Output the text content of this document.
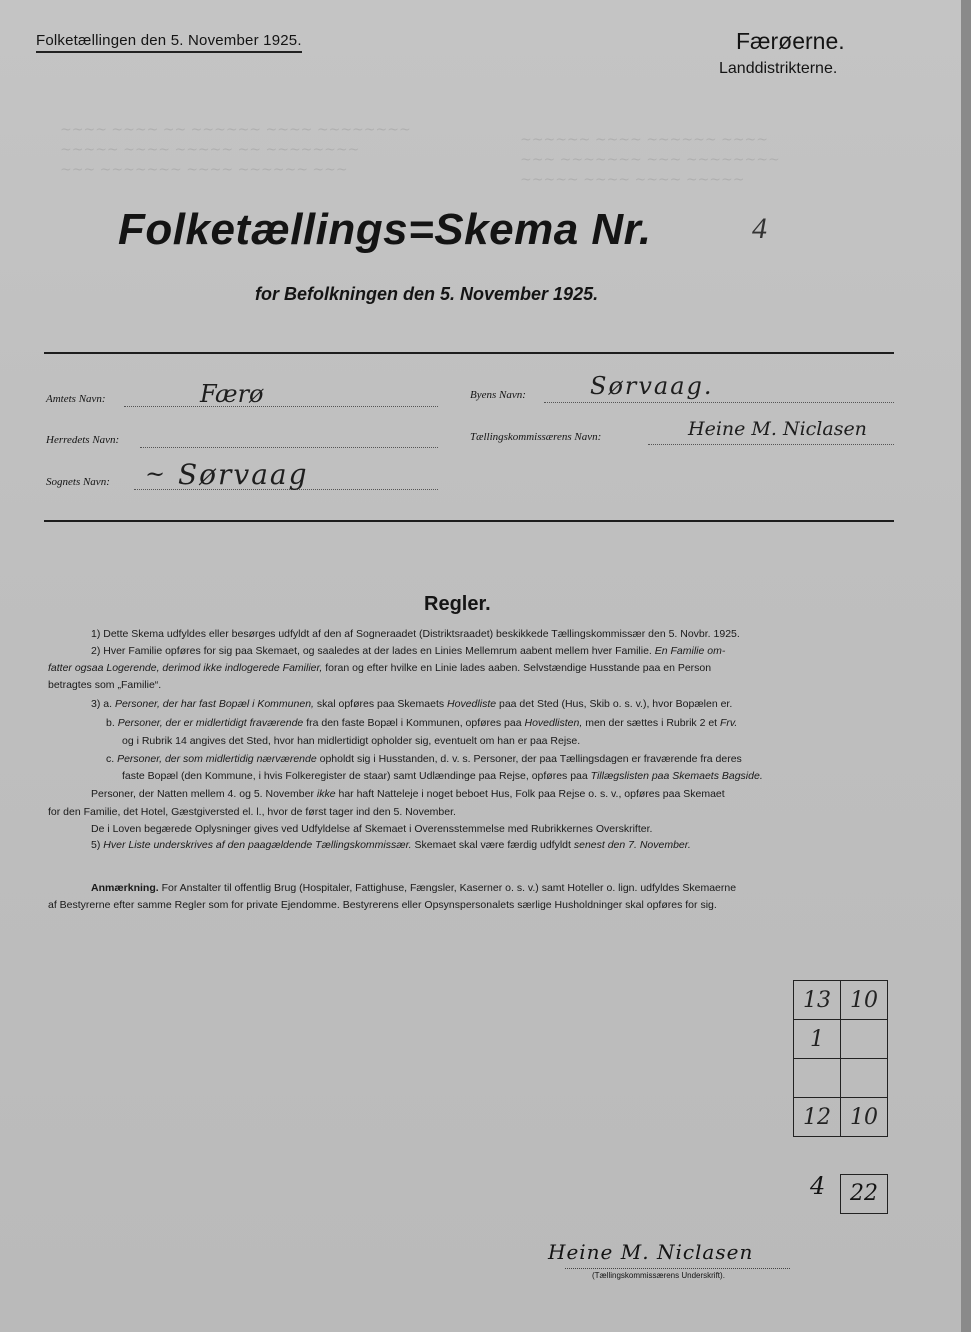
~~~~ ~~~~ ~~ ~~~~~~ ~~~~ ~~~~~~~~
~~~~~ ~~~~ ~~~~~ ~~ ~~~~~~~~
~~~ ~~~~~~~ ~~~~ ~~~~~~ ~~~
~~~~~~ ~~~~ ~~~~~~ ~~~~
~~~ ~~~~~~~ ~~~ ~~~~~~~~
~~~~~ ~~~~ ~~~~ ~~~~~
Folketællingen den 5. November 1925.	Færøerne.
Landdistrikterne.
Folketællings=Skema Nr.	4
for Befolkningen den 5. November 1925.
Amtets Navn:	Færø
Herredets Navn:
Sognets Navn: ~ Sørvaag
Byens Navn:	Sørvaag.
Tællingskommissærens Navn:	Heine M. Niclasen
Regler.
1) Dette Skema udfyldes eller besørges udfyldt af den af Sogneraadet (Distriktsraadet) beskikkede Tællingskommissær den 5. Novbr. 1925.
2) Hver Familie opføres for sig paa Skemaet, og saaledes at der lades en Linies Mellemrum aabent mellem hver Familie. En Familie om-
fatter ogsaa Logerende, derimod ikke indlogerede Familier, foran og efter hvilke en Linie lades aaben. Selvstændige Husstande paa en Person
betragtes som „Familie“.
3) a. Personer, der har fast Bopæl i Kommunen, skal opføres paa Skemaets Hovedliste paa det Sted (Hus, Skib o. s. v.), hvor Bopælen er.
b. Personer, der er midlertidigt fraværende fra den faste Bopæl i Kommunen, opføres paa Hovedlisten, men der sættes i Rubrik 2 et Frv.
og i Rubrik 14 angives det Sted, hvor han midlertidigt opholder sig, eventuelt om han er paa Rejse.
c. Personer, der som midlertidig nærværende opholdt sig i Husstanden, d. v. s. Personer, der paa Tællingsdagen er fraværende fra deres
faste Bopæl (den Kommune, i hvis Folkeregister de staar) samt Udlændinge paa Rejse, opføres paa Tillægslisten paa Skemaets Bagside.
Personer, der Natten mellem 4. og 5. November ikke har haft Natteleje i noget beboet Hus, Folk paa Rejse o. s. v., opføres paa Skemaet
for den Familie, det Hotel, Gæstgiversted el. l., hvor de først tager ind den 5. November.
De i Loven begærede Oplysninger gives ved Udfyldelse af Skemaet i Overensstemmelse med Rubrikkernes Overskrifter.
5) Hver Liste underskrives af den paagældende Tællingskommissær. Skemaet skal være færdig udfyldt senest den 7. November.
Anmærkning. For Anstalter til offentlig Brug (Hospitaler, Fattighuse, Fængsler, Kaserner o. s. v.) samt Hoteller o. lign. udfyldes Skemaerne
af Bestyrerne efter samme Regler som for private Ejendomme. Bestyrerens eller Opsynspersonalets særlige Husholdninger skal opføres for sig.
13	10
1	

12	10
4	22
Heine M. Niclasen
(Tællingskommissærens Underskrift).
